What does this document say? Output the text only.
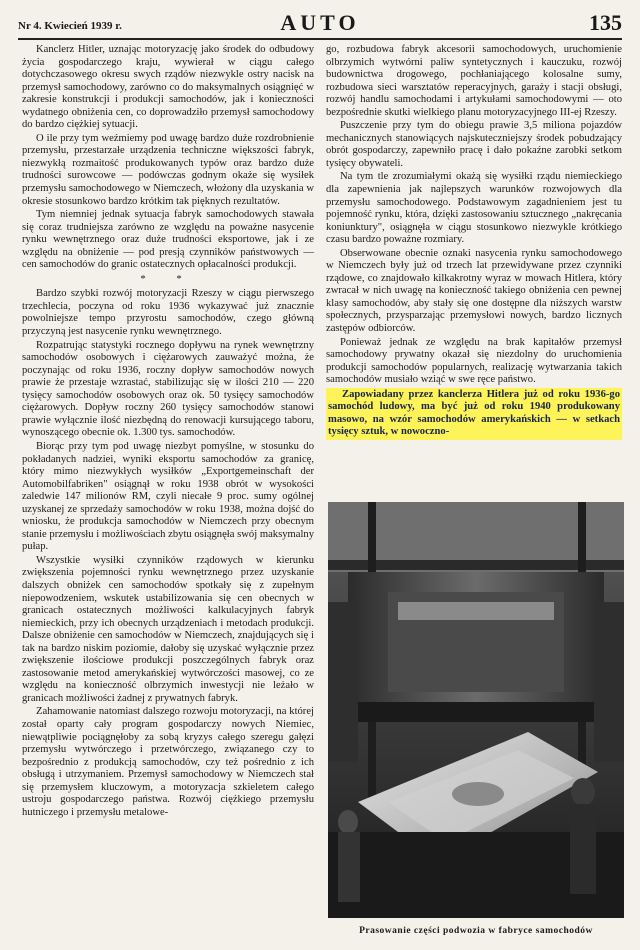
Nr 4. Kwiecień 1939 r.	AUTO	135

Kanclerz Hitler, uznając motoryzację jako środek do odbudowy życia gospodarczego kraju, wywierał w ciągu całego dotychczasowego okresu swych rządów niezwykle ostry nacisk na przemysł samochodowy, zarówno co do maksymalnych osiągnięć w zakresie konstrukcji i produkcji samochodów, jak i konieczności wydatnego obniżenia cen, co doprowadziło przemysł samochodowy do bardzo ciężkiej sytuacji.

O ile przy tym weźmiemy pod uwagę bardzo duże rozdrobnienie przemysłu, przestarzałe urządzenia techniczne większości fabryk, niezwykłą rozmaitość produkowanych typów oraz bardzo duże trudności surowcowe — podówczas godnym okaże się wysiłek przemysłu samochodowego w Niemczech, włożony dla uzyskania w okresie stosunkowo bardzo krótkim tak pięknych rezultatów.

Tym niemniej jednak sytuacja fabryk samochodowych stawała się coraz trudniejsza zarówno ze względu na poważne nasycenie rynku wewnętrznego oraz duże trudności eksportowe, jak i ze względu na obniżenie — pod presją czynników państwowych — cen samochodów do granic ostatecznych opłacalności produkcji.

* *

Bardzo szybki rozwój motoryzacji Rzeszy w ciągu pierwszego trzechlecia, poczyna od roku 1936 wykazywać już znacznie powolniejsze tempo przyrostu samochodów, czego główną przyczyną jest nasycenie rynku wewnętrznego.

Rozpatrując statystyki rocznego dopływu na rynek wewnętrzny samochodów osobowych i ciężarowych zauważyć można, że poczynając od roku 1936, roczny dopływ samochodów nowych prawie że przestaje wzrastać, stabilizując się w ilości 210 — 220 tysięcy samochodów osobowych oraz ok. 50 tysięcy samochodów ciężarowych. Dopływ roczny 260 tysięcy samochodów stanowi prawie wyłącznie ilość niezbędną do renowacji kursującego taboru, wynoszącego obecnie ok. 1.300 tys. samochodów.

Biorąc przy tym pod uwagę niezbyt pomyślne, w stosunku do pokładanych nadziei, wyniki eksportu samochodów za granicę, który mimo niezwykłych wysiłków „Exportgemeinschaft der Automobilfabriken" osiągnął w roku 1938 obrót w wysokości zaledwie 147 milionów RM, czyli niecałe 9 proc. sumy ogólnej uzyskanej ze sprzedaży samochodów w roku 1938, można dojść do wniosku, że produkcja samochodów w Niemczech przy obecnym stanie przemysłu i możliwościach zbytu osiągnęła swój maksymalny pułap.

Wszystkie wysiłki czynników rządowych w kierunku zwiększenia pojemności rynku wewnętrznego przez uzyskanie dalszych obniżek cen samochodów spotkały się z zupełnym niepowodzeniem, wskutek ustabilizowania się cen obecnych w granicach ostatecznych możliwości kalkulacyjnych fabryk niemieckich, przy ich obecnych urządzeniach i metodach produkcji. Dalsze obniżenie cen samochodów w Niemczech, znajdujących się i tak na bardzo niskim poziomie, dałoby się uzyskać wyłącznie przez zwiększenie ilościowe produkcji poszczególnych fabryk oraz zastosowanie metod amerykańskiej wytwórczości masowej, co ze względu na konieczność olbrzymich inwestycji nie leżało w granicach możliwości żadnej z prywatnych fabryk.

Zahamowanie natomiast dalszego rozwoju motoryzacji, na której został oparty cały program gospodarczy nowych Niemiec, niewątpliwie pociągnęłoby za sobą kryzys całego szeregu gałęzi przemysłu wytwórczego i przetwórczego, związanego czy to bezpośrednio z produkcją samochodów, czy też pośrednio z ich obsługą i utrzymaniem. Przemysł samochodowy w Niemczech stał się przemysłem kluczowym, a motoryzacja szkieletem całego ustroju gospodarczego państwa. Rozwój ciężkiego przemysłu hutniczego i przemysłu metalowe-

go, rozbudowa fabryk akcesorii samochodowych, uruchomienie olbrzymich wytwórni paliw syntetycznych i kauczuku, rozwój budownictwa drogowego, pochłaniającego kolosalne sumy, rozbudowa sieci warsztatów reperacyjnych, garaży i stacji obsługi, rozwój handlu samochodami i artykułami samochodowymi — oto bezpośrednie skutki wielkiego planu motoryzacyjnego III-ej Rzeszy.

Puszczenie przy tym do obiegu prawie 3,5 miliona pojazdów mechanicznych stanowiących najskuteczniejszy środek pobudzający obrót gospodarczy, zapewniło pracę i dało pokaźne zarobki setkom tysięcy obywateli.

Na tym tle zrozumiałymi okażą się wysiłki rządu niemieckiego dla zapewnienia jak najlepszych warunków rozwojowych dla przemysłu samochodowego. Podstawowym zagadnieniem jest tu pojemność rynku, która, dzięki zastosowaniu sztucznego „nakręcania koniunktury", osiągnęła w ciągu stosunkowo niezwykle krótkiego czasu bardzo poważne rozmiary.

Obserwowane obecnie oznaki nasycenia rynku samochodowego w Niemczech były już od trzech lat przewidywane przez czynniki rządowe, co znajdowało kilkakrotny wyraz w mowach Hitlera, który zwracał w nich uwagę na konieczność takiego obniżenia cen pewnej klasy samochodów, aby stały się one dostępne dla niższych warstw społecznych, przysparzając przemysłowi nowych, bardzo licznych zastępów odbiorców.

Ponieważ jednak ze względu na brak kapitałów przemysł samochodowy prywatny okazał się niezdolny do uruchomienia produkcji samochodów popularnych, realizację wytwarzania takich samochodów musiało wziąć w swe ręce państwo.

Zapowiadany przez kanclerza Hitlera już od roku 1936-go samochód ludowy, ma być już od roku 1940 produkowany masowo, na wzór samochodów amerykańskich — w setkach tysięcy sztuk, w nowoczno-

Prasowanie części podwozia w fabryce samochodów
